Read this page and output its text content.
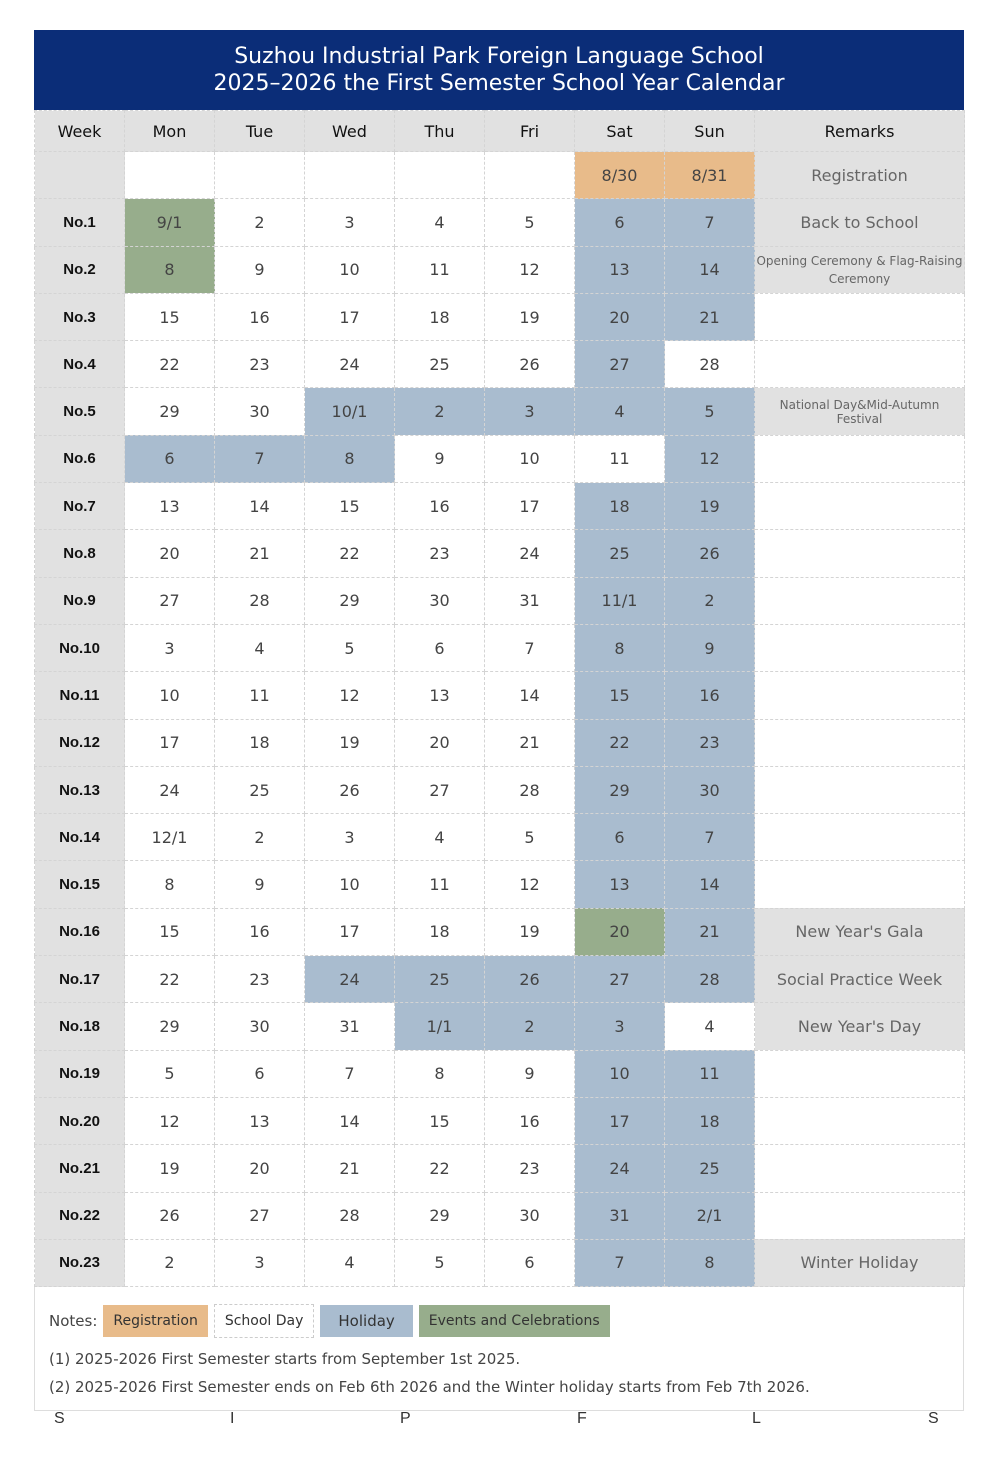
Suzhou Industrial Park Foreign Language School
2025–2026 the First Semester School Year Calendar
Week	Mon	Tue	Wed	Thu	Fri	Sat	Sun	Remarks
						8/30	8/31	Registration
No.1	9/1	2	3	4	5	6	7	Back to School
No.2	8	9	10	11	12	13	14	Opening Ceremony & Flag-Raising Ceremony
No.3	15	16	17	18	19	20	21	
No.4	22	23	24	25	26	27	28	
No.5	29	30	10/1	2	3	4	5	National Day&Mid-Autumn Festival
No.6	6	7	8	9	10	11	12	
No.7	13	14	15	16	17	18	19	
No.8	20	21	22	23	24	25	26	
No.9	27	28	29	30	31	11/1	2	
No.10	3	4	5	6	7	8	9	
No.11	10	11	12	13	14	15	16	
No.12	17	18	19	20	21	22	23	
No.13	24	25	26	27	28	29	30	
No.14	12/1	2	3	4	5	6	7	
No.15	8	9	10	11	12	13	14	
No.16	15	16	17	18	19	20	21	New Year's Gala
No.17	22	23	24	25	26	27	28	Social Practice Week
No.18	29	30	31	1/1	2	3	4	New Year's Day
No.19	5	6	7	8	9	10	11	
No.20	12	13	14	15	16	17	18	
No.21	19	20	21	22	23	24	25	
No.22	26	27	28	29	30	31	2/1	
No.23	2	3	4	5	6	7	8	Winter Holiday
Notes:	Registration	School Day	Holiday	Events and Celebrations
(1) 2025-2026 First Semester starts from September 1st 2025.
(2) 2025-2026 First Semester ends on Feb 6th 2026 and the Winter holiday starts from Feb 7th 2026.
S	I	P	F	L	S
